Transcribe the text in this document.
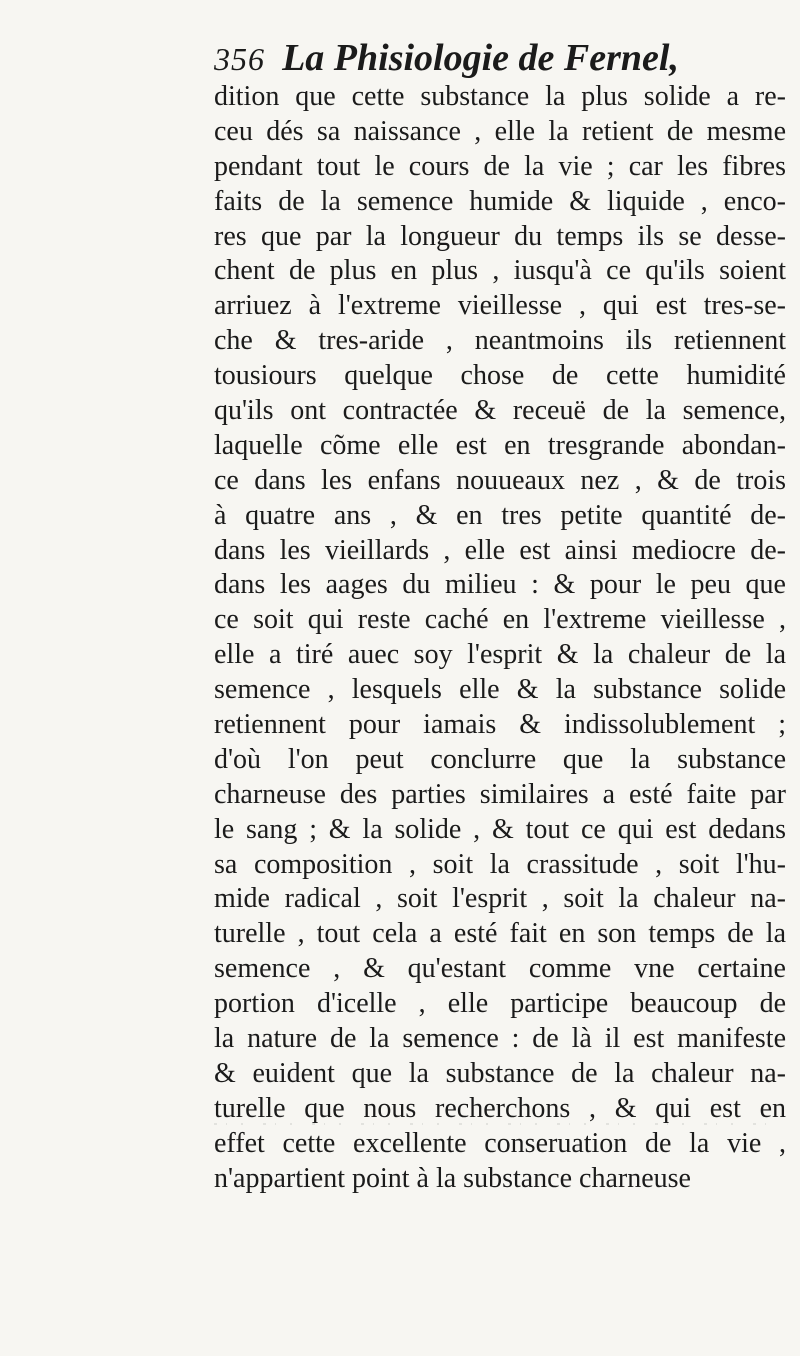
356 La Phisiologie de Fernel,
dition que cette substance la plus solide a re-
ceu dés sa naissance , elle la retient de mesme
pendant tout le cours de la vie ; car les fibres
faits de la semence humide & liquide , enco-
res que par la longueur du temps ils se desse-
chent de plus en plus , iusqu'à ce qu'ils soient
arriuez à l'extreme vieillesse , qui est tres-se-
che & tres-aride , neantmoins ils retiennent
tousiours quelque chose de cette humidité
qu'ils ont contractée & receuë de la semence,
laquelle cõme elle est en tresgrande abondan-
ce dans les enfans nouueaux nez , & de trois
à quatre ans , & en tres petite quantité de-
dans les vieillards , elle est ainsi mediocre de-
dans les aages du milieu : & pour le peu que
ce soit qui reste caché en l'extreme vieillesse ,
elle a tiré auec soy l'esprit & la chaleur de la
semence , lesquels elle & la substance solide
retiennent pour iamais & indissolublement ;
d'où l'on peut conclurre que la substance
charneuse des parties similaires a esté faite par
le sang ; & la solide , & tout ce qui est dedans
sa composition , soit la crassitude , soit l'hu-
mide radical , soit l'esprit , soit la chaleur na-
turelle , tout cela a esté fait en son temps de la
semence , & qu'estant comme vne certaine
portion d'icelle , elle participe beaucoup de
la nature de la semence : de là il est manifeste
& euident que la substance de la chaleur na-
turelle que nous recherchons , & qui est en
effet cette excellente conseruation de la vie ,
n'appartient point à la substance charneuse
